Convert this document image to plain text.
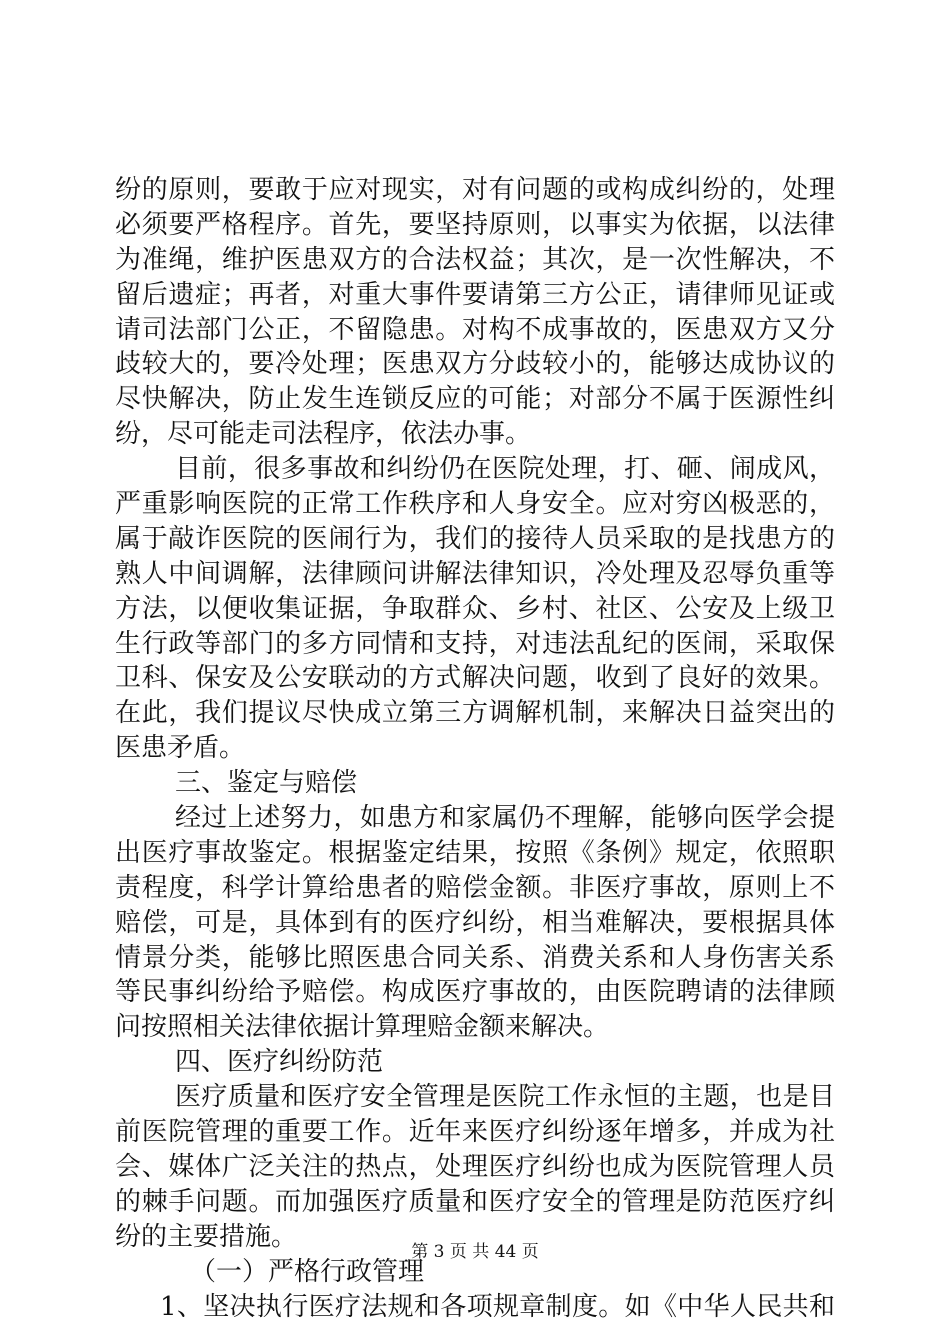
纷的原则，要敢于应对现实，对有问题的或构成纠纷的，处理
必须要严格程序。首先，要坚持原则，以事实为依据，以法律
为准绳，维护医患双方的合法权益；其次，是一次性解决，不
留后遗症；再者，对重大事件要请第三方公正，请律师见证或
请司法部门公正，不留隐患。对构不成事故的，医患双方又分
歧较大的，要冷处理；医患双方分歧较小的，能够达成协议的
尽快解决，防止发生连锁反应的可能；对部分不属于医源性纠
纷，尽可能走司法程序，依法办事。
目前，很多事故和纠纷仍在医院处理，打、砸、闹成风，
严重影响医院的正常工作秩序和人身安全。应对穷凶极恶的，
属于敲诈医院的医闹行为，我们的接待人员采取的是找患方的
熟人中间调解，法律顾问讲解法律知识，冷处理及忍辱负重等
方法，以便收集证据，争取群众、乡村、社区、公安及上级卫
生行政等部门的多方同情和支持，对违法乱纪的医闹，采取保
卫科、保安及公安联动的方式解决问题，收到了良好的效果。
在此，我们提议尽快成立第三方调解机制，来解决日益突出的
医患矛盾。
三、鉴定与赔偿
经过上述努力，如患方和家属仍不理解，能够向医学会提
出医疗事故鉴定。根据鉴定结果，按照《条例》规定，依照职
责程度，科学计算给患者的赔偿金额。非医疗事故，原则上不
赔偿，可是，具体到有的医疗纠纷，相当难解决，要根据具体
情景分类，能够比照医患合同关系、消费关系和人身伤害关系
等民事纠纷给予赔偿。构成医疗事故的，由医院聘请的法律顾
问按照相关法律依据计算理赔金额来解决。
四、医疗纠纷防范
医疗质量和医疗安全管理是医院工作永恒的主题，也是目
前医院管理的重要工作。近年来医疗纠纷逐年增多，并成为社
会、媒体广泛关注的热点，处理医疗纠纷也成为医院管理人员
的棘手问题。而加强医疗质量和医疗安全的管理是防范医疗纠
纷的主要措施。
（一）严格行政管理
1、坚决执行医疗法规和各项规章制度。如《中华人民共和
第 3 页 共 44 页
